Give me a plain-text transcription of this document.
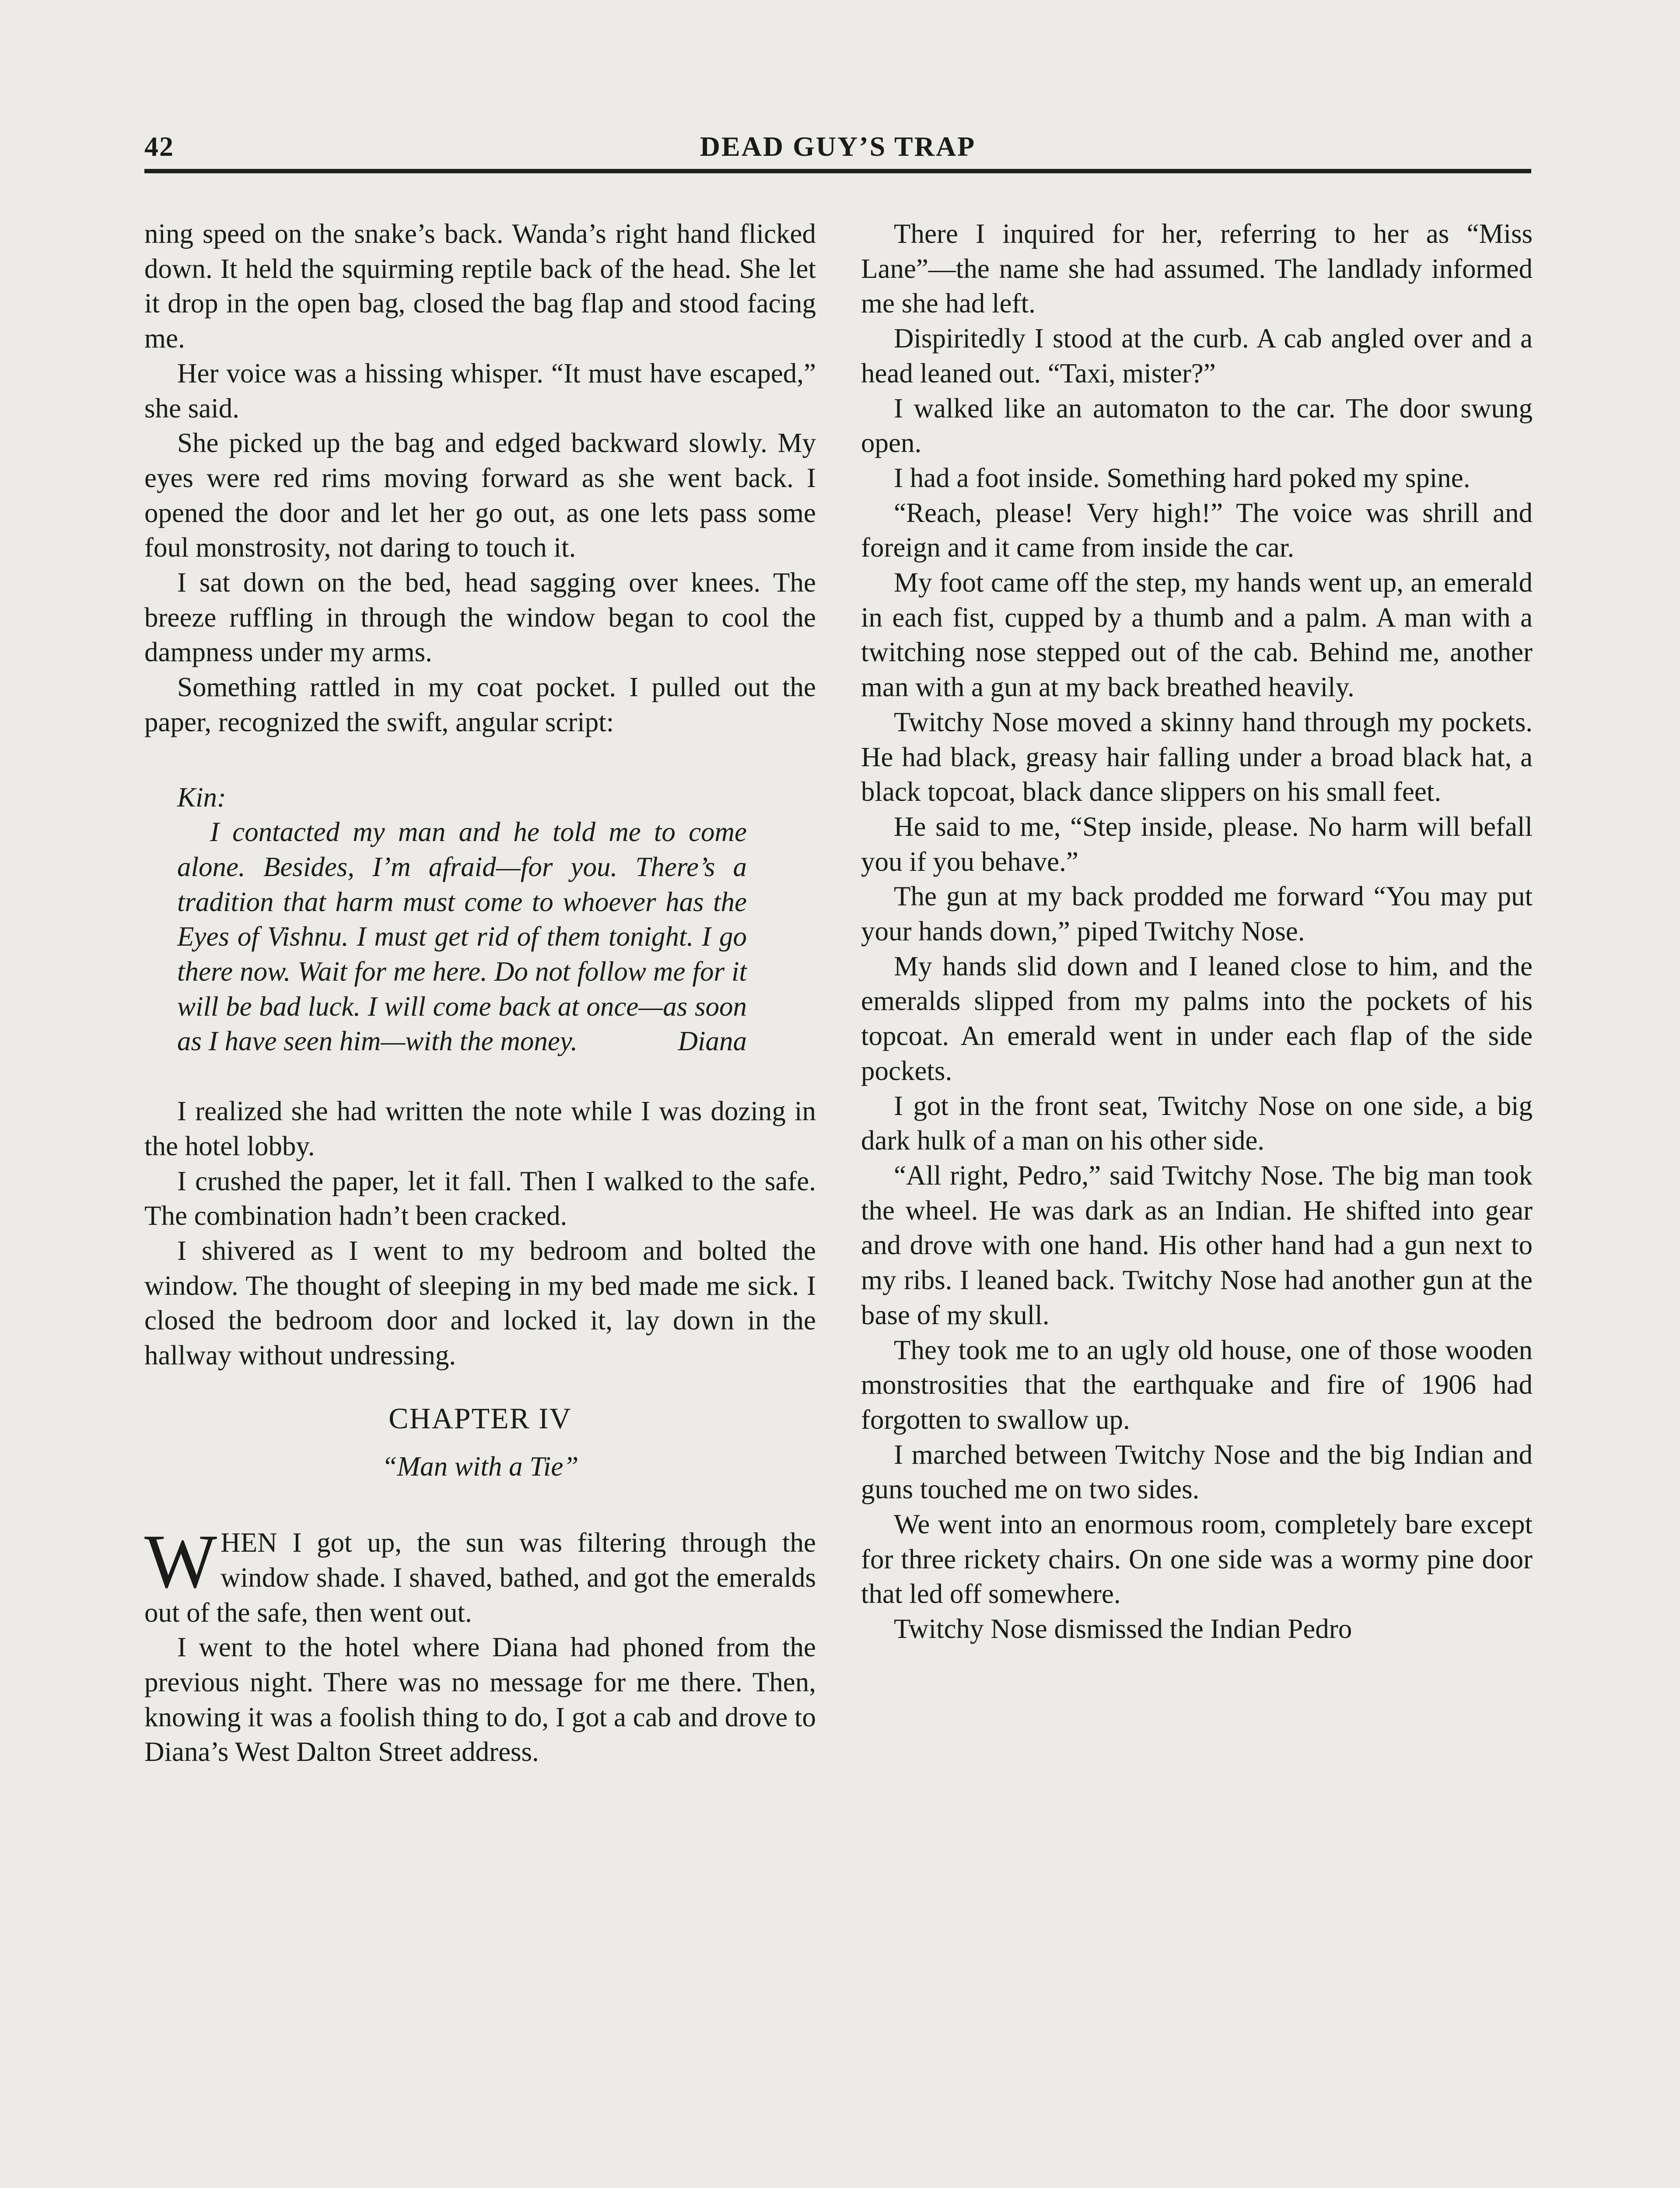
42	DEAD GUY’S TRAP

ning speed on the snake’s back. Wanda’s right hand flicked down. It held the squirming reptile back of the head. She let it drop in the open bag, closed the bag flap and stood facing me.

Her voice was a hissing whisper. “It must have escaped,” she said.

She picked up the bag and edged backward slowly. My eyes were red rims moving forward as she went back. I opened the door and let her go out, as one lets pass some foul monstrosity, not daring to touch it.

I sat down on the bed, head sagging over knees. The breeze ruffling in through the window began to cool the dampness under my arms.

Something rattled in my coat pocket. I pulled out the paper, recognized the swift, angular script:

Kin:

I contacted my man and he told me to come alone. Besides, I’m afraid—for you. There’s a tradition that harm must come to whoever has the Eyes of Vishnu. I must get rid of them tonight. I go there now. Wait for me here. Do not follow me for it will be bad luck. I will come back at once—as soon as I have seen him—with the money.	Diana

I realized she had written the note while I was dozing in the hotel lobby.

I crushed the paper, let it fall. Then I walked to the safe. The combination hadn’t been cracked.

I shivered as I went to my bedroom and bolted the window. The thought of sleeping in my bed made me sick. I closed the bedroom door and locked it, lay down in the hallway without undressing.

CHAPTER IV
“Man with a Tie”

WHEN I got up, the sun was filtering through the window shade. I shaved, bathed, and got the emeralds out of the safe, then went out.

I went to the hotel where Diana had phoned from the previous night. There was no message for me there. Then, knowing it was a foolish thing to do, I got a cab and drove to Diana’s West Dalton Street address.

There I inquired for her, referring to her as “Miss Lane”—the name she had assumed. The landlady informed me she had left.

Dispiritedly I stood at the curb. A cab angled over and a head leaned out. “Taxi, mister?”

I walked like an automaton to the car. The door swung open.

I had a foot inside. Something hard poked my spine.

“Reach, please! Very high!” The voice was shrill and foreign and it came from inside the car.

My foot came off the step, my hands went up, an emerald in each fist, cupped by a thumb and a palm. A man with a twitching nose stepped out of the cab. Behind me, another man with a gun at my back breathed heavily.

Twitchy Nose moved a skinny hand through my pockets. He had black, greasy hair falling under a broad black hat, a black topcoat, black dance slippers on his small feet.

He said to me, “Step inside, please. No harm will befall you if you behave.”

The gun at my back prodded me forward “You may put your hands down,” piped Twitchy Nose.

My hands slid down and I leaned close to him, and the emeralds slipped from my palms into the pockets of his topcoat. An emerald went in under each flap of the side pockets.

I got in the front seat, Twitchy Nose on one side, a big dark hulk of a man on his other side.

“All right, Pedro,” said Twitchy Nose. The big man took the wheel. He was dark as an Indian. He shifted into gear and drove with one hand. His other hand had a gun next to my ribs. I leaned back. Twitchy Nose had another gun at the base of my skull.

They took me to an ugly old house, one of those wooden monstrosities that the earthquake and fire of 1906 had forgotten to swallow up.

I marched between Twitchy Nose and the big Indian and guns touched me on two sides.

We went into an enormous room, completely bare except for three rickety chairs. On one side was a wormy pine door that led off somewhere.

Twitchy Nose dismissed the Indian Pedro
